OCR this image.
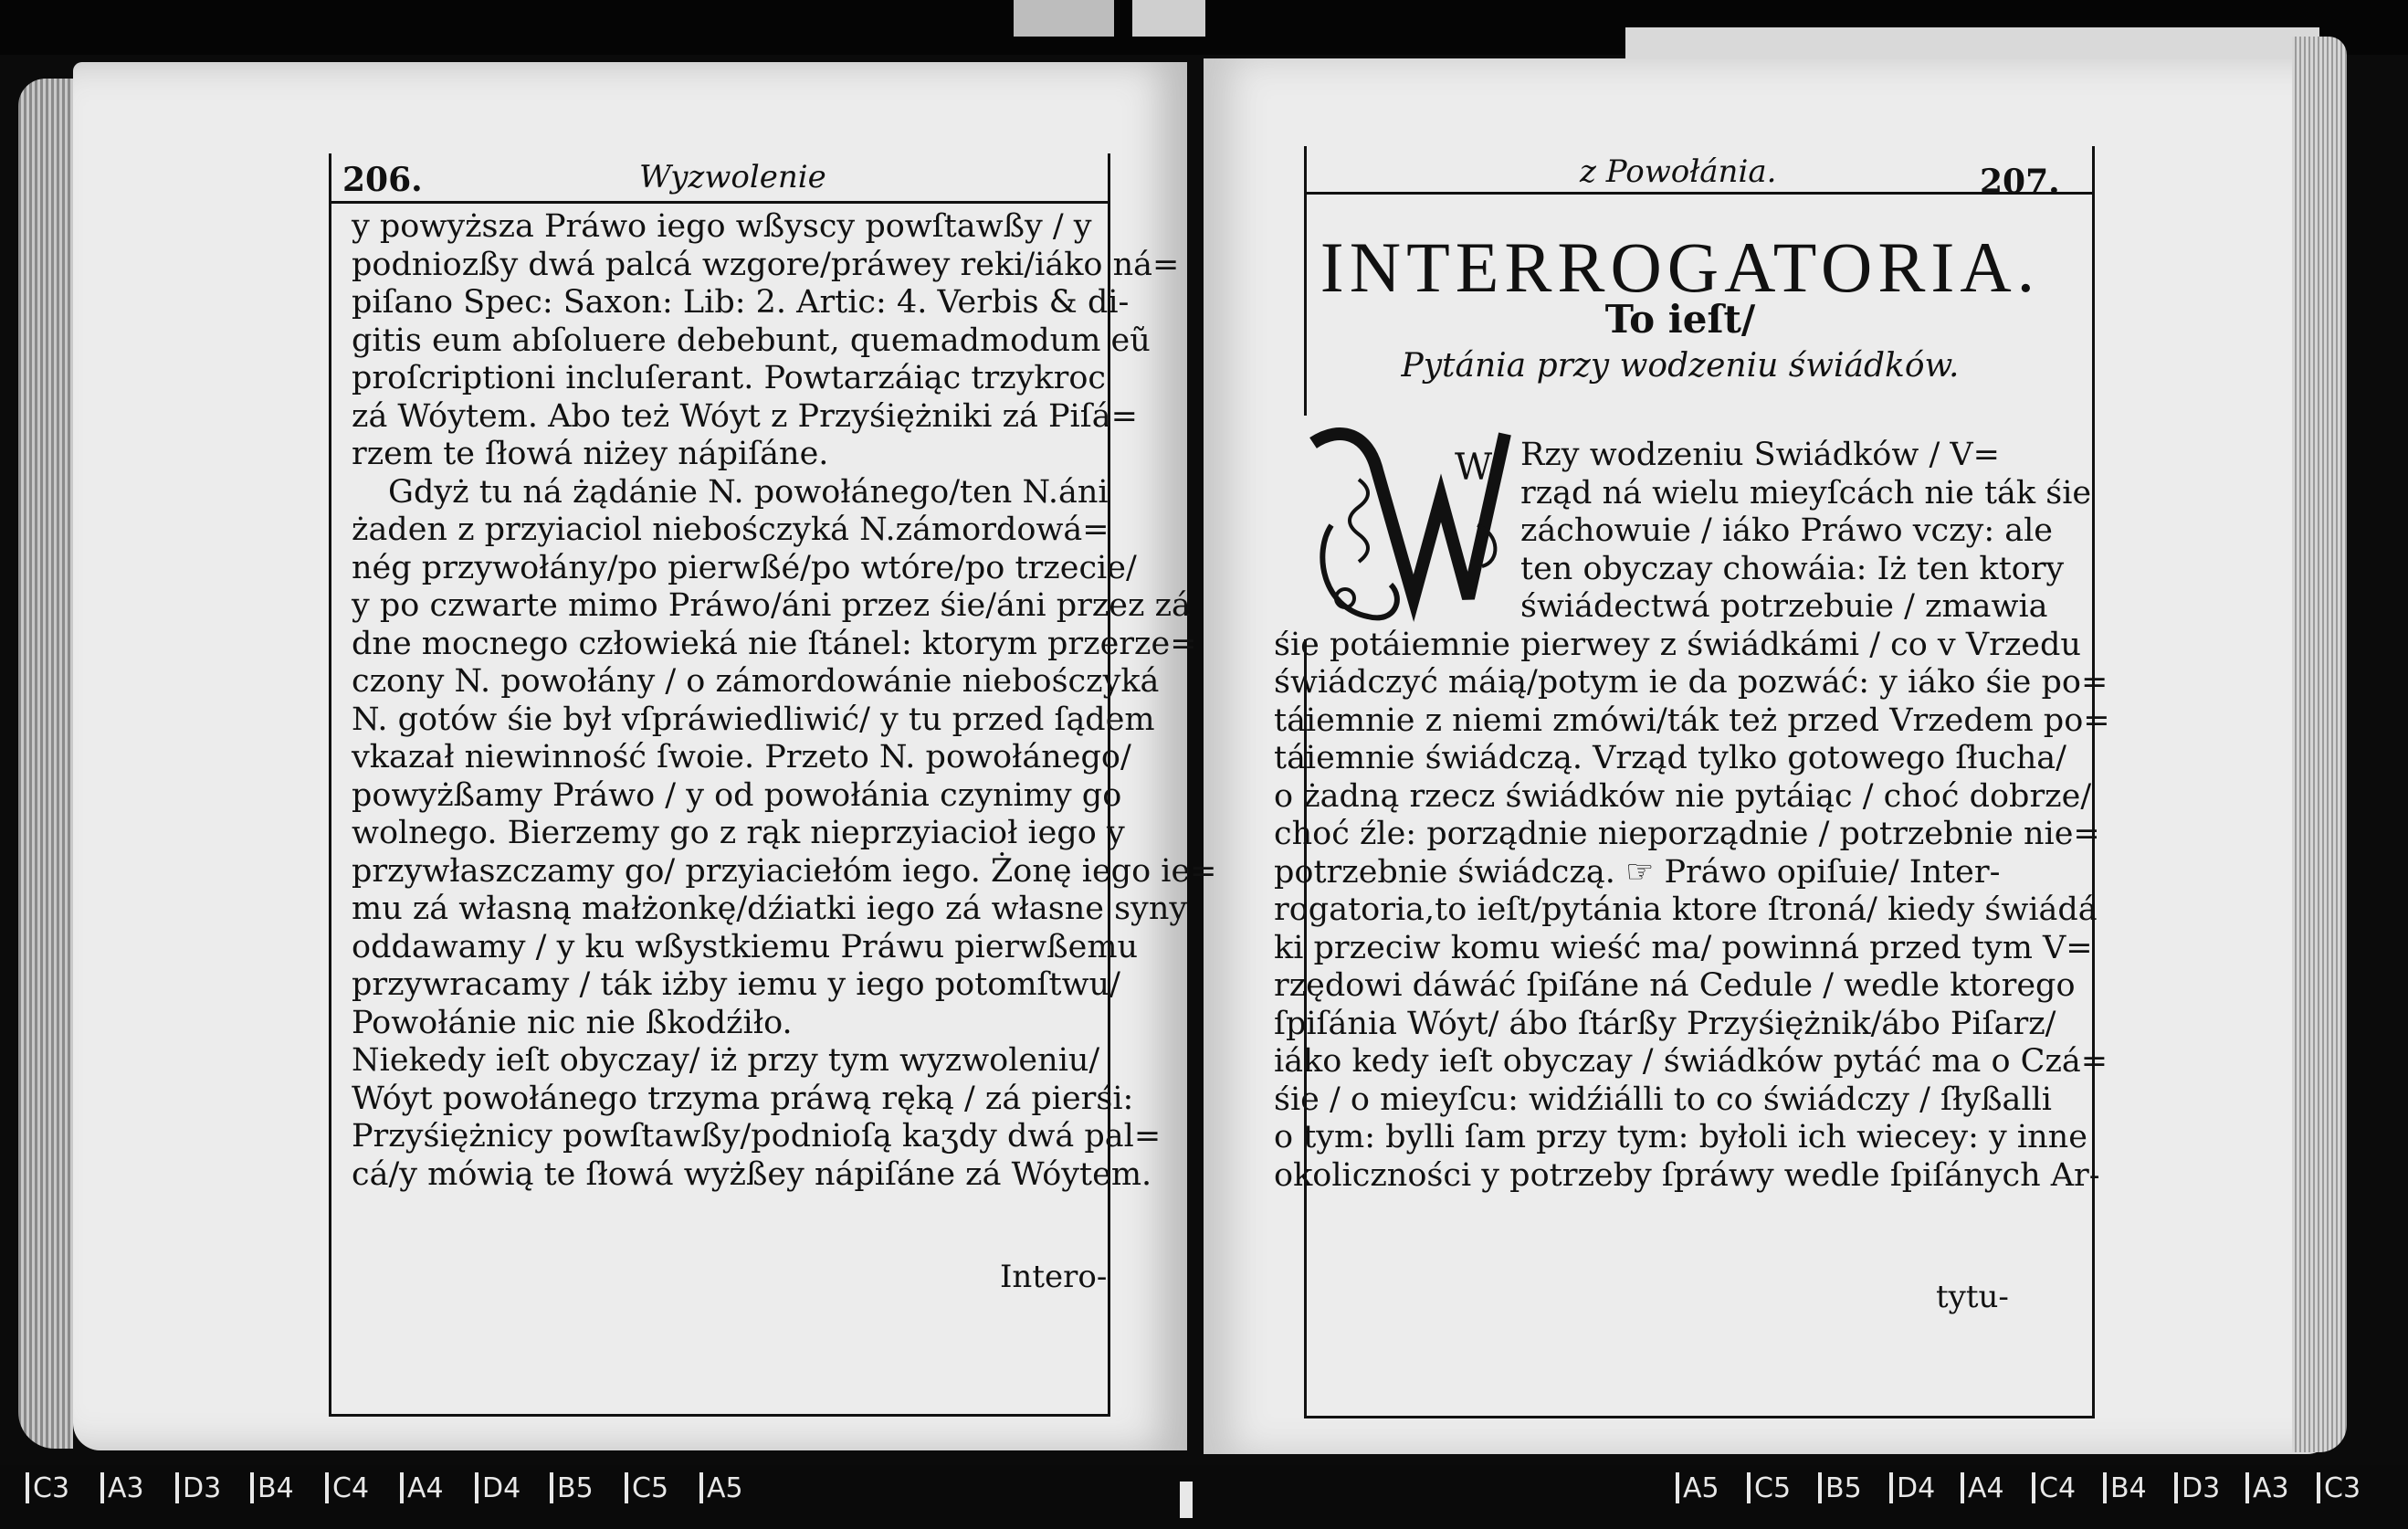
206.	Wyzwolenie
y powyższa Práwo iego wßyscy powſtawßy / y
podniozßy dwá palcá wzgore/práwey reki/iáko ná=
piſano Spec: Saxon: Lib: 2. Artic: 4. Verbis & di-
gitis eum abſoluere debebunt, quemadmodum eũ
proſcriptioni incluſerant. Powtarzáiąc trzykroc
zá Wóytem. Abo też Wóyt z Przyśiężniki zá Piſá=
rzem te ſłowá niżey nápiſáne.
Gdyż tu ná żądánie N. powołánego/ten N.áni
żaden z przyiaciol niebośczyká N.zámordowá=
nég przywołány/po pierwßé/po wtóre/po trzecie/
y po czwarte mimo Práwo/áni przez śie/áni przez zá
dne mocnego człowieká nie ſtánel: ktorym przerze=
czony N. powołány / o zámordowánie niebośczyká
N. gotów śie był vſpráwiedliwić/ y tu przed ſądem
vkazał niewinność ſwoie. Przeto N. powołánego/
powyżßamy Práwo / y od powołánia czynimy go
wolnego. Bierzemy go z rąk nieprzyiacioł iego y
przywłaszczamy go/ przyiaciełóm iego. Żonę iego ie=
mu zá własną małżonkę/dźiatki iego zá własne syny
oddawamy / y ku wßystkiemu Práwu pierwßemu
przywracamy / ták iżby iemu y iego potomſtwu/
Powołánie nic nie ßkodźiło.
Niekedy ieſt obyczay/ iż przy tym wyzwoleniu/
Wóyt powołánego trzyma práwą ręką / zá pierśi:
Przyśiężnicy powſtawßy/podnioſą kaʒdy dwá pal=
cá/y mówią te ſłowá wyżßey nápiſáne zá Wóytem.
Intero-
z Powołánia.	207.
INTERROGATORIA.
To ieſt/
Pytánia przy wodzeniu świádków.
W Rzy wodzeniu Swiádków / V=
rząd ná wielu mieyſcách nie ták śie
záchowuie / iáko Práwo vczy: ale
ten obyczay chowáia: Iż ten ktory
świádectwá potrzebuie / zmawia
śie potáiemnie pierwey z świádkámi / co v Vrzedu
świádczyć máią/potym ie da pozwáć: y iáko śie po=
táiemnie z niemi zmówi/ták też przed Vrzedem po=
táiemnie świádczą. Vrząd tylko gotowego ſłucha/
o żadną rzecz świádków nie pytáiąc / choć dobrze/
choć źle: porządnie nieporządnie / potrzebnie nie=
potrzebnie świádczą. ☞ Práwo opiſuie/ Inter-
rogatoria,to ieſt/pytánia ktore ſtroná/ kiedy świádá
ki przeciw komu wieść ma/ powinná przed tym V=
rzędowi dáwáć ſpiſáne ná Cedule / wedle ktorego
ſpiſánia Wóyt/ ábo ſtárßy Przyśiężnik/ábo Piſarz/
iáko kedy ieſt obyczay / świádków pytáć ma o Czá=
śie / o mieyſcu: widźiálli to co świádczy / ſłyßalli
o tym: bylli ſam przy tym: byłoli ich wiecey: y inne
okoliczności y potrzeby ſpráwy wedle ſpiſánych Ar-
tytu-
C3 A3 D3 B4 C4 A4 D4 B5 C5 A5	A5 C5 B5 D4 A4 C4 B4 D3 A3 C3
